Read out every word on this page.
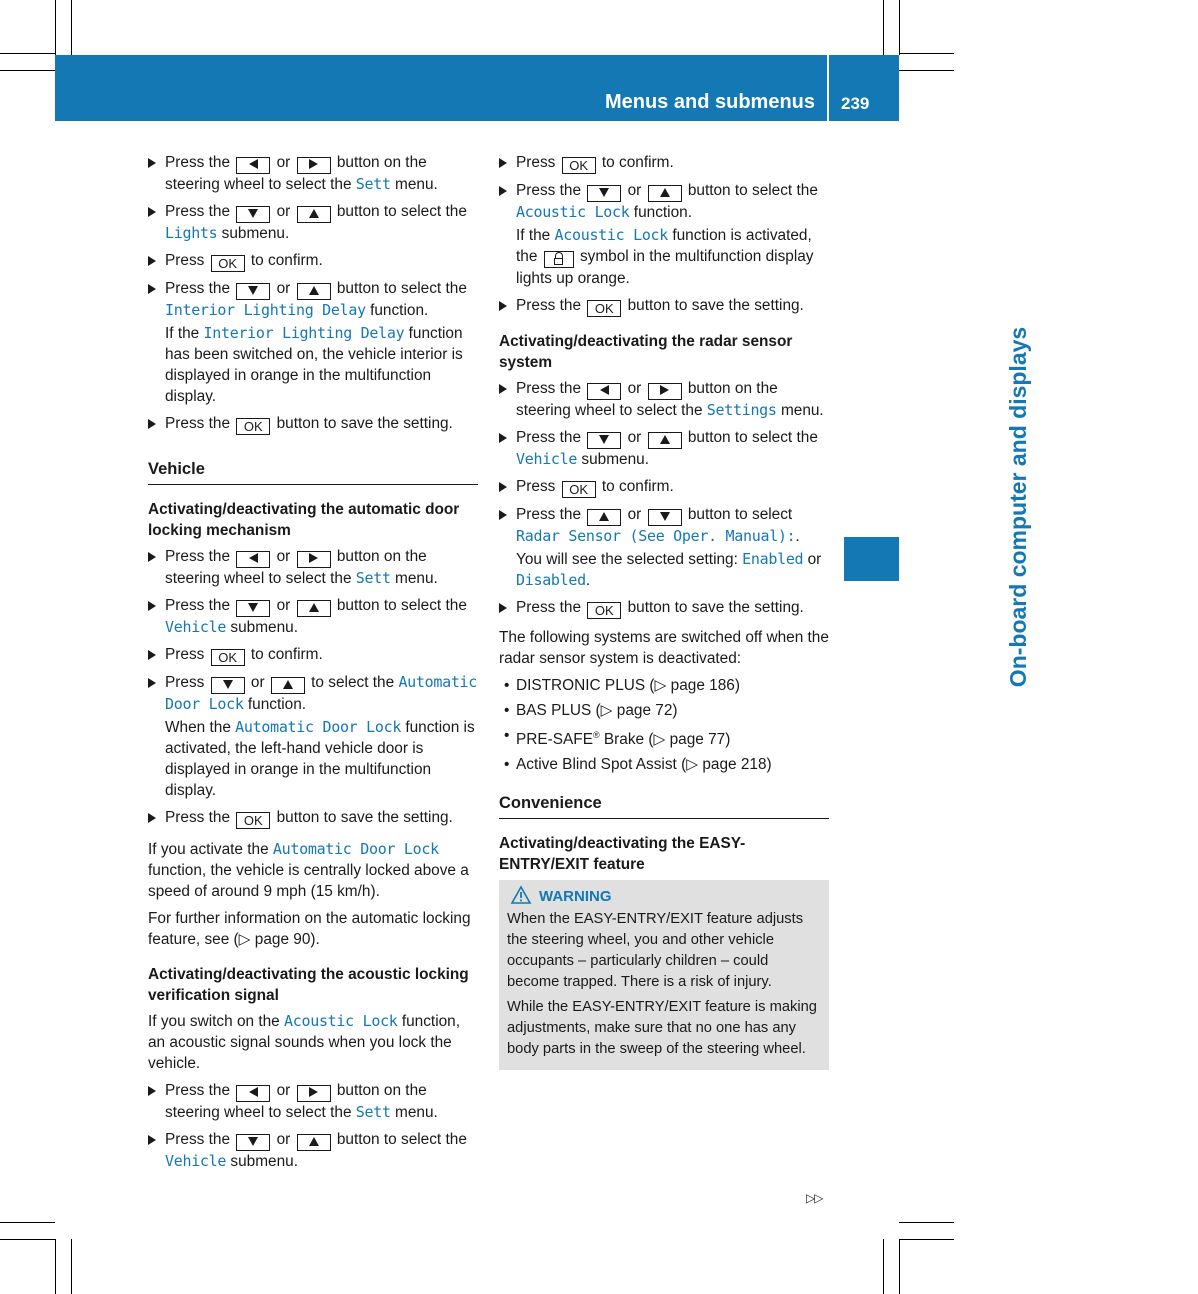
Menus and submenus 239
On-board computer and displays
Press the	or	button on the steering wheel to select the Sett menu.
Press the	or	button to select the Lights submenu.
Press OK to confirm.
Press the	or	button to select the Interior Lighting Delay function.
If the Interior Lighting Delay function has been switched on, the vehicle interior is displayed in orange in the multifunction display.
Press the OK button to save the setting.
Vehicle
Activating/deactivating the automatic door locking mechanism
Press the	or	button on the steering wheel to select the Sett menu.
Press the	or	button to select the Vehicle submenu.
Press OK to confirm.
Press	or	to select the Automatic Door Lock function.
When the Automatic Door Lock function is activated, the left-hand vehicle door is displayed in orange in the multifunction display.
Press the OK button to save the setting.
If you activate the Automatic Door Lock function, the vehicle is centrally locked above a speed of around 9 mph (15 km/h).
For further information on the automatic locking feature, see (▷ page 90).
Activating/deactivating the acoustic locking verification signal
If you switch on the Acoustic Lock function, an acoustic signal sounds when you lock the vehicle.
Press the	or	button on the steering wheel to select the Sett menu.
Press the	or	button to select the Vehicle submenu.
Press OK to confirm.
Press the	or	button to select the Acoustic Lock function.
If the Acoustic Lock function is activated, the	symbol in the multifunction display lights up orange.
Press the OK button to save the setting.
Activating/deactivating the radar sensor system
Press the	or	button on the steering wheel to select the Settings menu.
Press the	or	button to select the Vehicle submenu.
Press OK to confirm.
Press the	or	button to select Radar Sensor (See Oper. Manual):.
You will see the selected setting: Enabled or Disabled.
Press the OK button to save the setting.
The following systems are switched off when the radar sensor system is deactivated:
• DISTRONIC PLUS (▷ page 186)
• BAS PLUS (▷ page 72)
• PRE-SAFE® Brake (▷ page 77)
• Active Blind Spot Assist (▷ page 218)
Convenience
Activating/deactivating the EASY-ENTRY/EXIT feature
WARNING

When the EASY-ENTRY/EXIT feature adjusts the steering wheel, you and other vehicle occupants – particularly children – could become trapped. There is a risk of injury.

While the EASY-ENTRY/EXIT feature is making adjustments, make sure that no one has any body parts in the sweep of the steering wheel.

▷▷
